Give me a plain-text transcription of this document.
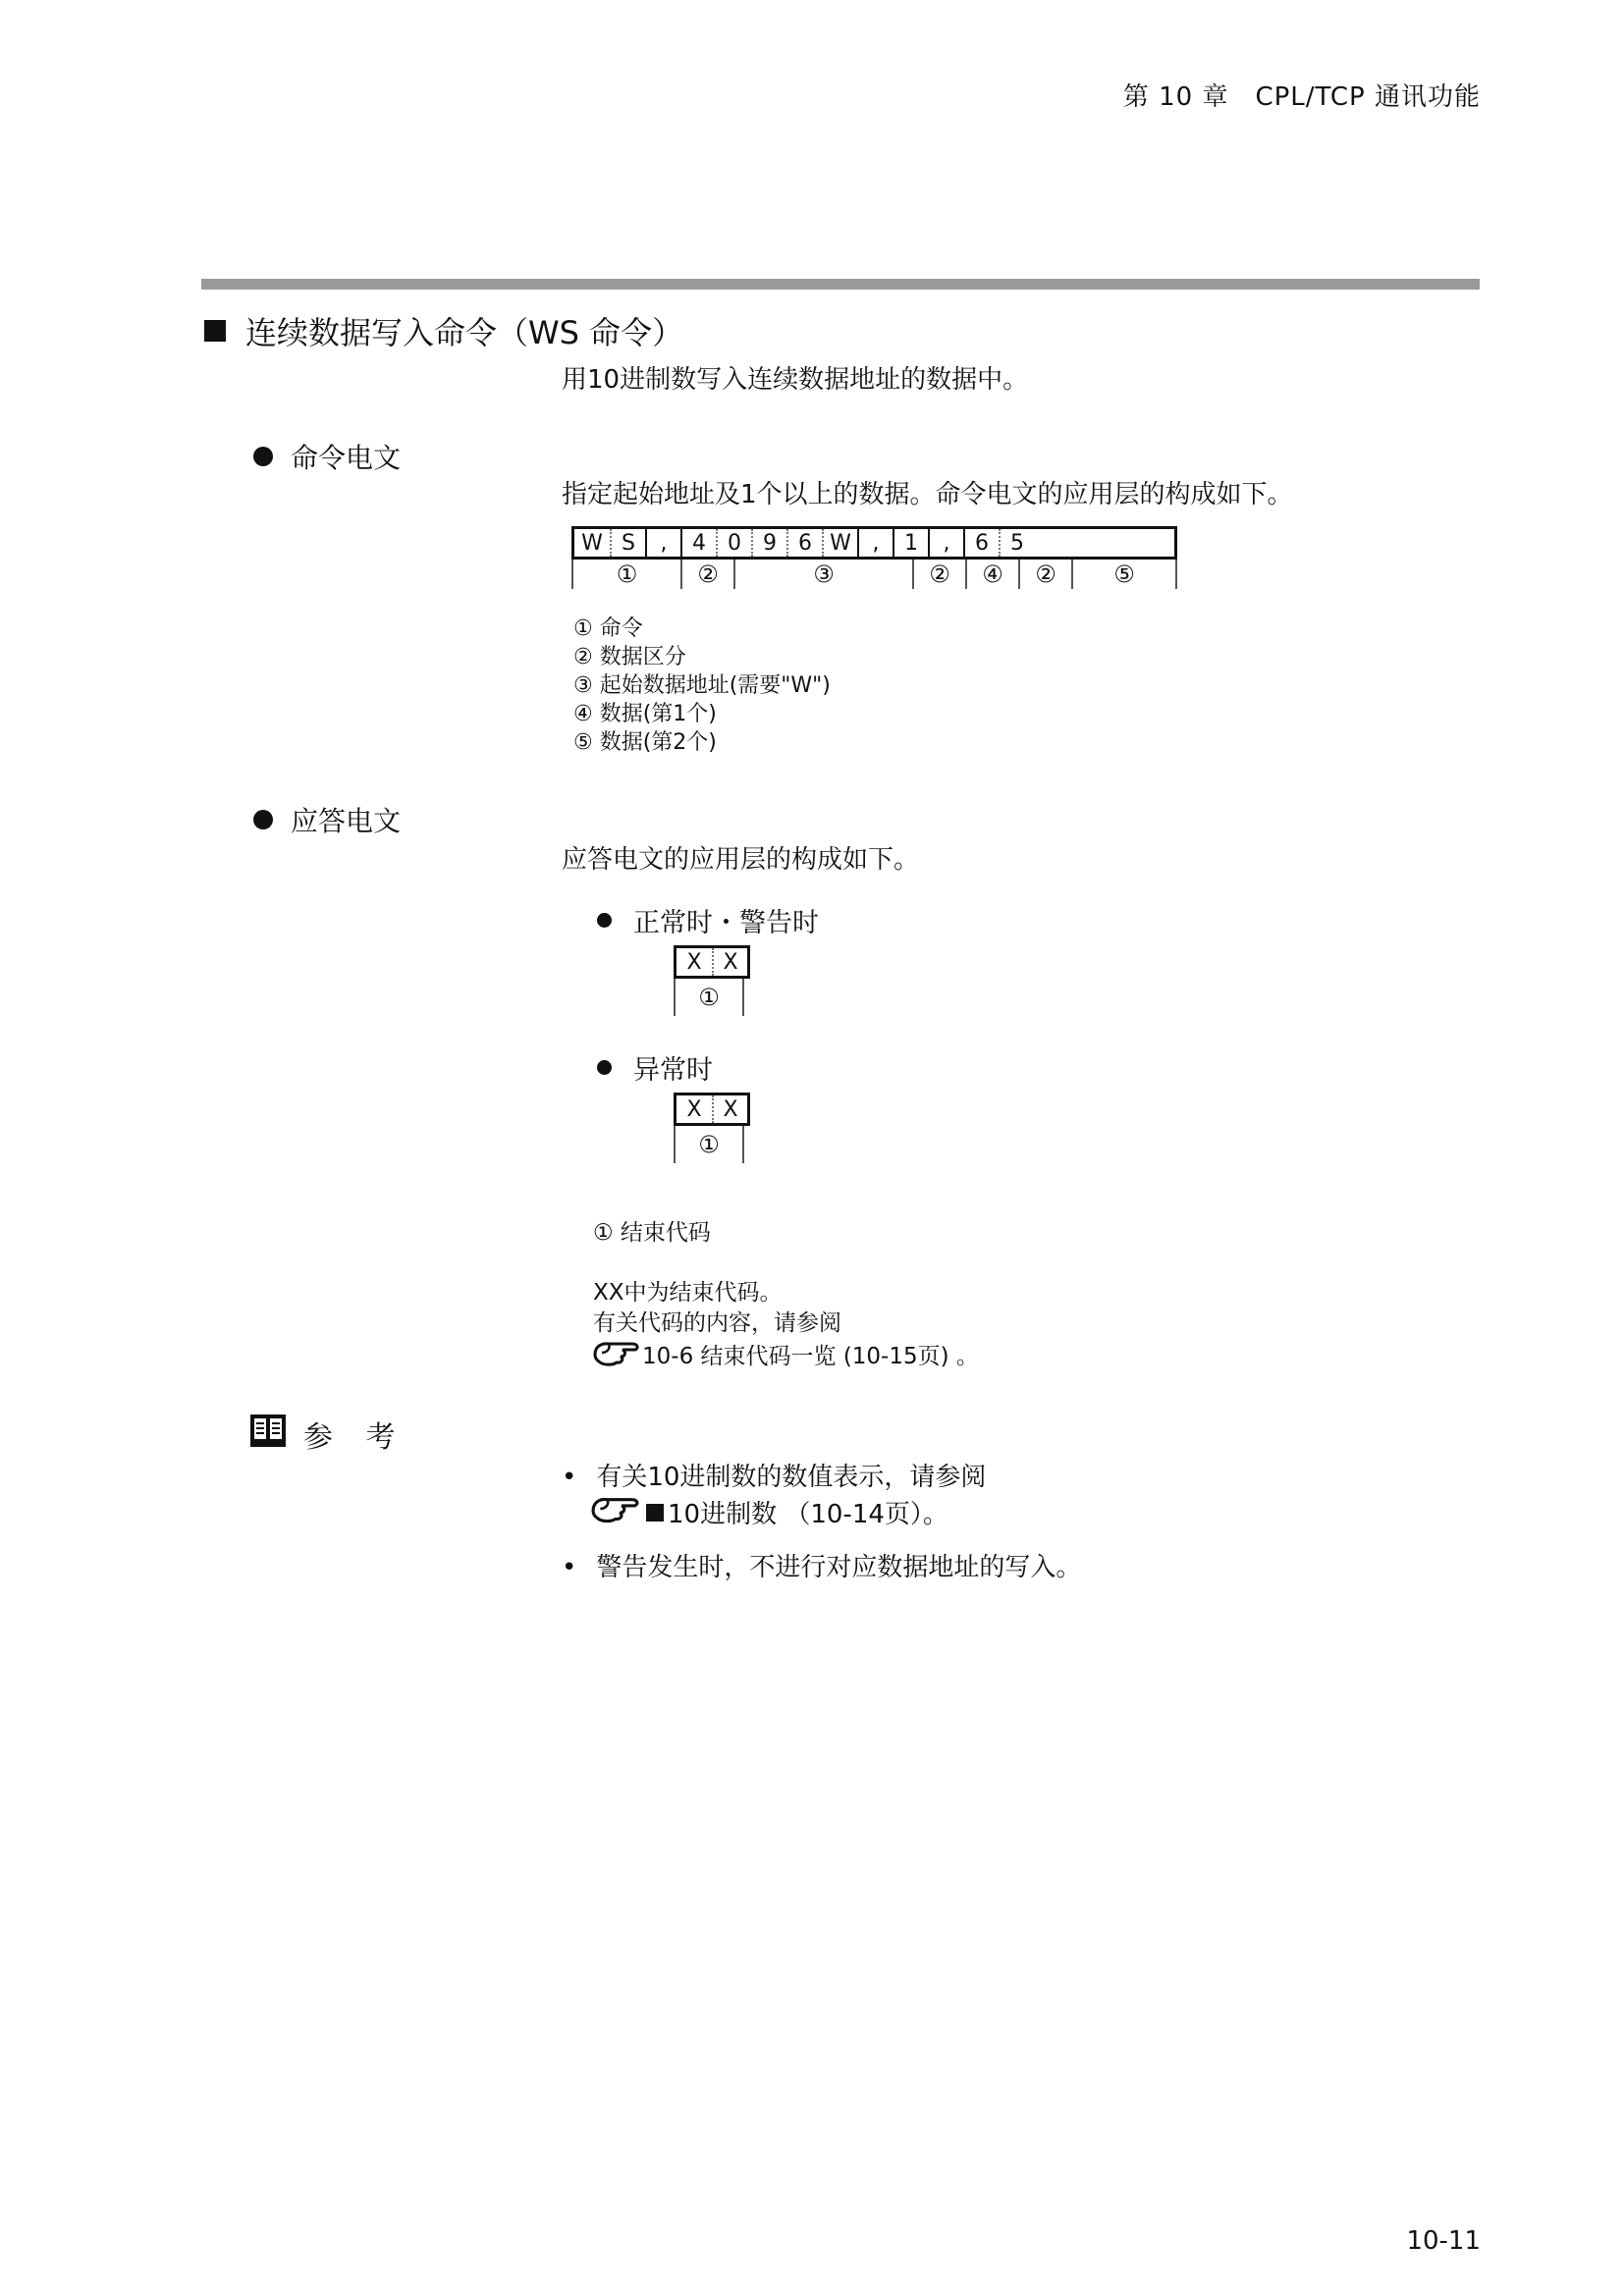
第 10 章　CPL/TCP 通讯功能
连续数据写入命令（WS 命令）
用10进制数写入连续数据地址的数据中。
命令电文
指定起始地址及1个以上的数据。命令电文的应用层的构成如下。
W S	,	4	0	9	6 W ,	1	,	6	5
①	②	③	②	④	②	⑤
① 命令
② 数据区分
③ 起始数据地址(需要"W")
④ 数据(第1个)
⑤ 数据(第2个)
应答电文
应答电文的应用层的构成如下。
正常时・警告时
X X
①
异常时
X X
①
① 结束代码
XX中为结束代码。
有关代码的内容，请参阅
10-6 结束代码一览 (10-15页) 。
参 考
• 有关10进制数的数值表示，请参阅
10进制数 （10-14页）。
• 警告发生时，不进行对应数据地址的写入。
10-11
